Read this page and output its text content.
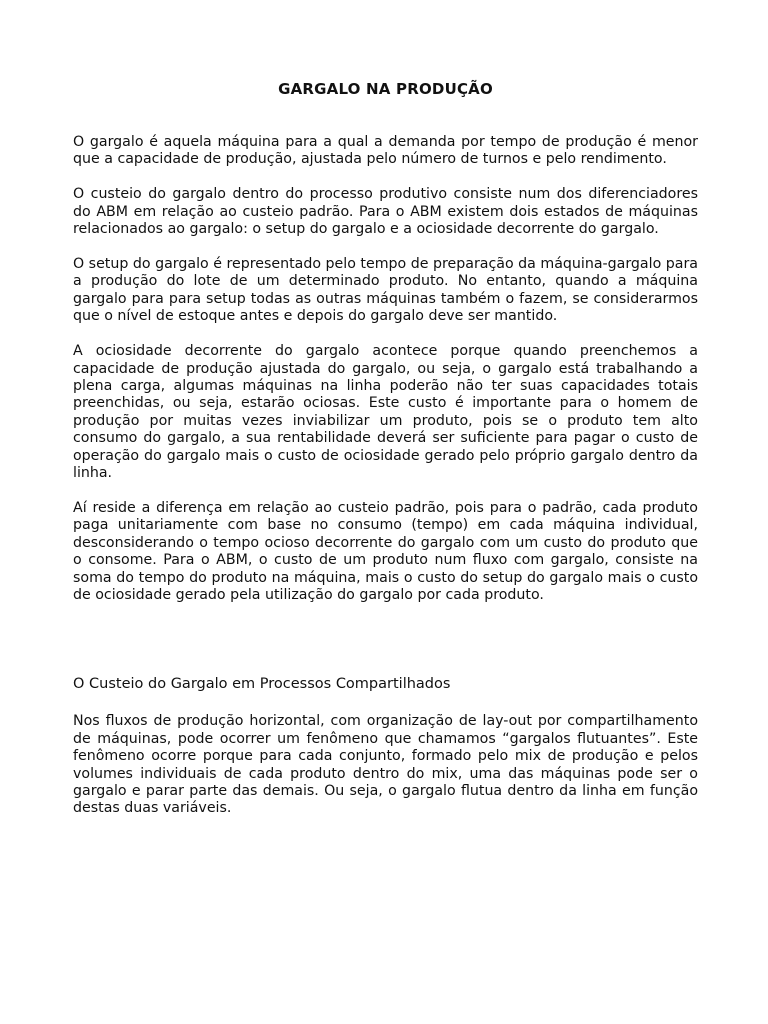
GARGALO NA PRODUÇÃO

O gargalo é aquela máquina para a qual a demanda por tempo de produção é menor que a capacidade de produção, ajustada pelo número de turnos e pelo rendimento.

O custeio do gargalo dentro do processo produtivo consiste num dos diferenciadores do ABM em relação ao custeio padrão. Para o ABM existem dois estados de máquinas relacionados ao gargalo: o setup do gargalo e a ociosidade decorrente do gargalo.

O setup do gargalo é representado pelo tempo de preparação da máquina-gargalo para a produção do lote de um determinado produto. No entanto, quando a máquina gargalo para para setup todas as outras máquinas também o fazem, se considerarmos que o nível de estoque antes e depois do gargalo deve ser mantido.

A ociosidade decorrente do gargalo acontece porque quando preenchemos a capacidade de produção ajustada do gargalo, ou seja, o gargalo está trabalhando a plena carga, algumas máquinas na linha poderão não ter suas capacidades totais preenchidas, ou seja, estarão ociosas. Este custo é importante para o homem de produção por muitas vezes inviabilizar um produto, pois se o produto tem alto consumo do gargalo, a sua rentabilidade deverá ser suficiente para pagar o custo de operação do gargalo mais o custo de ociosidade gerado pelo próprio gargalo dentro da linha.

Aí reside a diferença em relação ao custeio padrão, pois para o padrão, cada produto paga unitariamente com base no consumo (tempo) em cada máquina individual, desconsiderando o tempo ocioso decorrente do gargalo com um custo do produto que o consome. Para o ABM, o custo de um produto num fluxo com gargalo, consiste na soma do tempo do produto na máquina, mais o custo do setup do gargalo mais o custo de ociosidade gerado pela utilização do gargalo por cada produto.

O Custeio do Gargalo em Processos Compartilhados

Nos fluxos de produção horizontal, com organização de lay-out por compartilhamento de máquinas, pode ocorrer um fenômeno que chamamos “gargalos flutuantes”. Este fenômeno ocorre porque para cada conjunto, formado pelo mix de produção e pelos volumes individuais de cada produto dentro do mix, uma das máquinas pode ser o gargalo e parar parte das demais. Ou seja, o gargalo flutua dentro da linha em função destas duas variáveis.
